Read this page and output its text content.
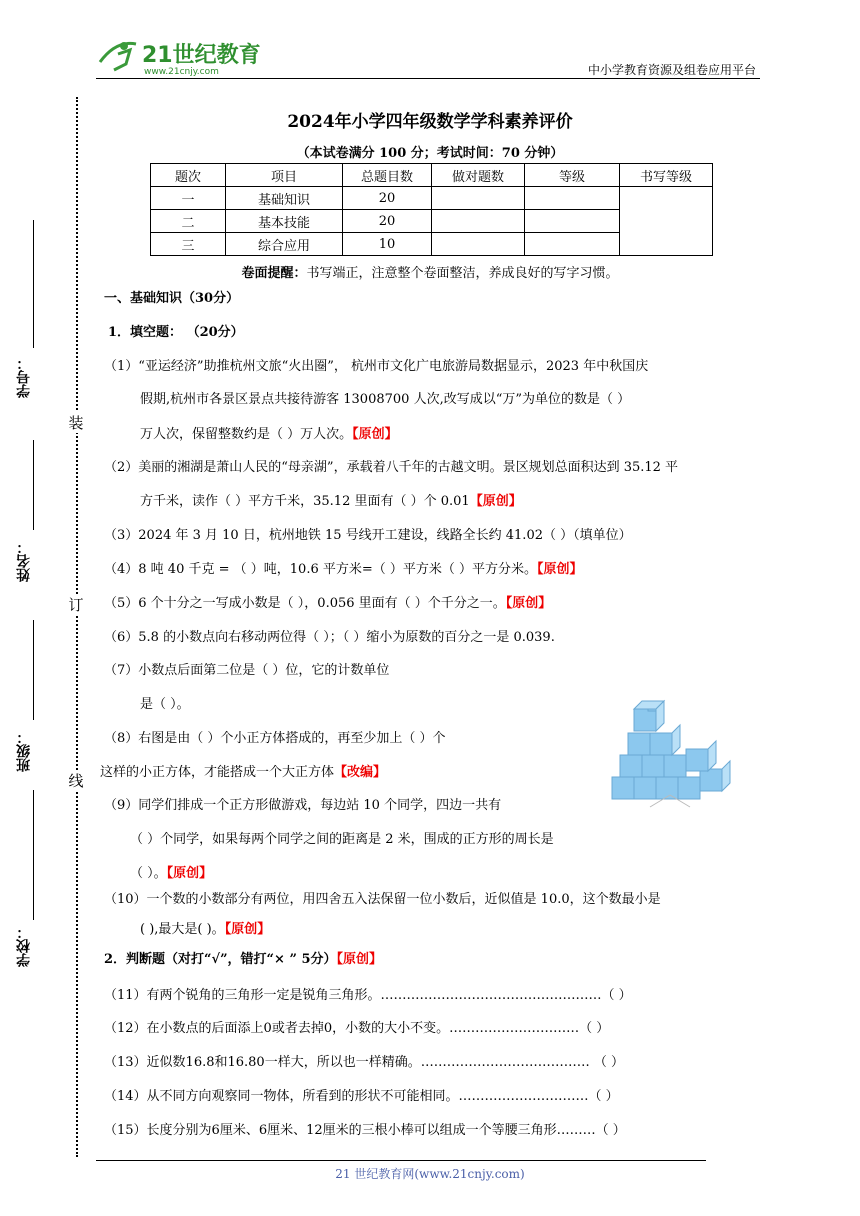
21世纪教育
www.21cnjy.com	中小学教育资源及组卷应用平台
装
订
线
学号：
姓名：
班级：
学校：
2024年小学四年级数学学科素养评价
（本试卷满分 100 分；考试时间：70 分钟）
题次	项目	总题目数	做对题数	等级	书写等级
一	基础知识	20			
二	基本技能	20			
三	综合应用	10			
卷面提醒：书写端正，注意整个卷面整洁，养成良好的写字习惯。
一、基础知识（30分）
1．填空题： （20分）
（1）“亚运经济”助推杭州文旅“火出圈”， 杭州市文化广电旅游局数据显示，2023 年中秋国庆
假期,杭州市各景区景点共接待游客 13008700 人次,改写成以“万”为单位的数是（ ）
万人次，保留整数约是（ ）万人次。【原创】
（2）美丽的湘湖是萧山人民的“母亲湖”，承载着八千年的古越文明。景区规划总面积达到 35.12 平
方千米，读作（ ）平方千米，35.12 里面有（ ）个 0.01【原创】
（3）2024 年 3 月 10 日，杭州地铁 15 号线开工建设，线路全长约 41.02（ ）（填单位）
（4）8 吨 40 千克 = （ ）吨，10.6 平方米=（ ）平方米（ ）平方分米。【原创】
（5）6 个十分之一写成小数是（ ），0.056 里面有（ ）个千分之一。【原创】
（6）5.8 的小数点向右移动两位得（ ）；（ ）缩小为原数的百分之一是 0.039.
（7）小数点后面第二位是（ ）位，它的计数单位
是（ ）。
（8）右图是由（ ）个小正方体搭成的，再至少加上（ ）个
这样的小正方体，才能搭成一个大正方体【改编】
（9）同学们排成一个正方形做游戏，每边站 10 个同学，四边一共有
（ ）个同学，如果每两个同学之间的距离是 2 米，围成的正方形的周长是
（ ）。【原创】
（10）一个数的小数部分有两位，用四舍五入法保留一位小数后，近似值是 10.0，这个数最小是
( ),最大是( )。【原创】
2．判断题（对打“√”，错打“× ” 5分）【原创】
（11）有两个锐角的三角形一定是锐角三角形。……………………………………………（ ）
（12）在小数点的后面添上0或者去掉0，小数的大小不变。…………………………（ ）
（13）近似数16.8和16.80一样大，所以也一样精确。………………………………… （ ）
（14）从不同方向观察同一物体，所看到的形状不可能相同。…………………………（ ）
（15）长度分别为6厘米、6厘米、12厘米的三根小棒可以组成一个等腰三角形………（ ）
21 世纪教育网(www.21cnjy.com)
